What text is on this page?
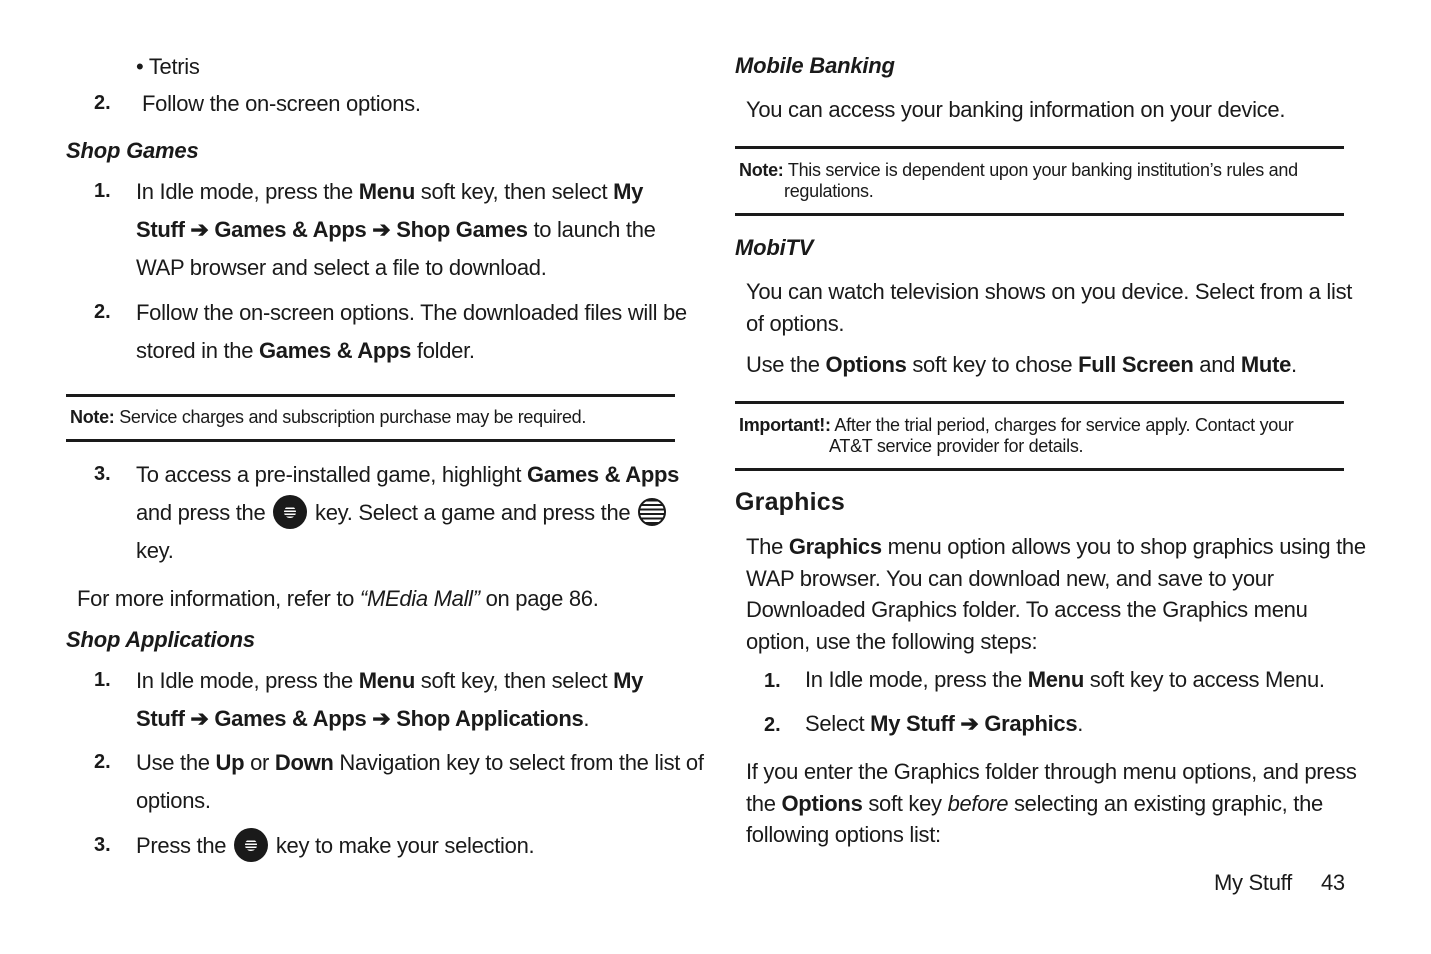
• Tetris
2. Follow the on-screen options.
Shop Games
1. In Idle mode, press the Menu soft key, then select My
Stuff ➔ Games & Apps ➔ Shop Games to launch the
WAP browser and select a file to download.
2. Follow the on-screen options. The downloaded files will be
stored in the Games & Apps folder.
Note: Service charges and subscription purchase may be required.
3. To access a pre-installed game, highlight Games & Apps
and press the  key. Select a game and press the
key.
For more information, refer to “MEdia Mall” on page 86.
Shop Applications
1. In Idle mode, press the Menu soft key, then select My
Stuff ➔ Games & Apps ➔ Shop Applications.
2. Use the Up or Down Navigation key to select from the list of
options.
3. Press the  key to make your selection.
Mobile Banking
You can access your banking information on your device.
Note: This service is dependent upon your banking institution’s rules and
regulations.
MobiTV
You can watch television shows on you device. Select from a list
of options.
Use the Options soft key to chose Full Screen and Mute.
Important!: After the trial period, charges for service apply. Contact your
AT&T service provider for details.
Graphics
The Graphics menu option allows you to shop graphics using the
WAP browser. You can download new, and save to your
Downloaded Graphics folder. To access the Graphics menu
option, use the following steps:
1. In Idle mode, press the Menu soft key to access Menu.
2. Select My Stuff ➔ Graphics.
If you enter the Graphics folder through menu options, and press
the Options soft key before selecting an existing graphic, the
following options list:
My Stuff 43
